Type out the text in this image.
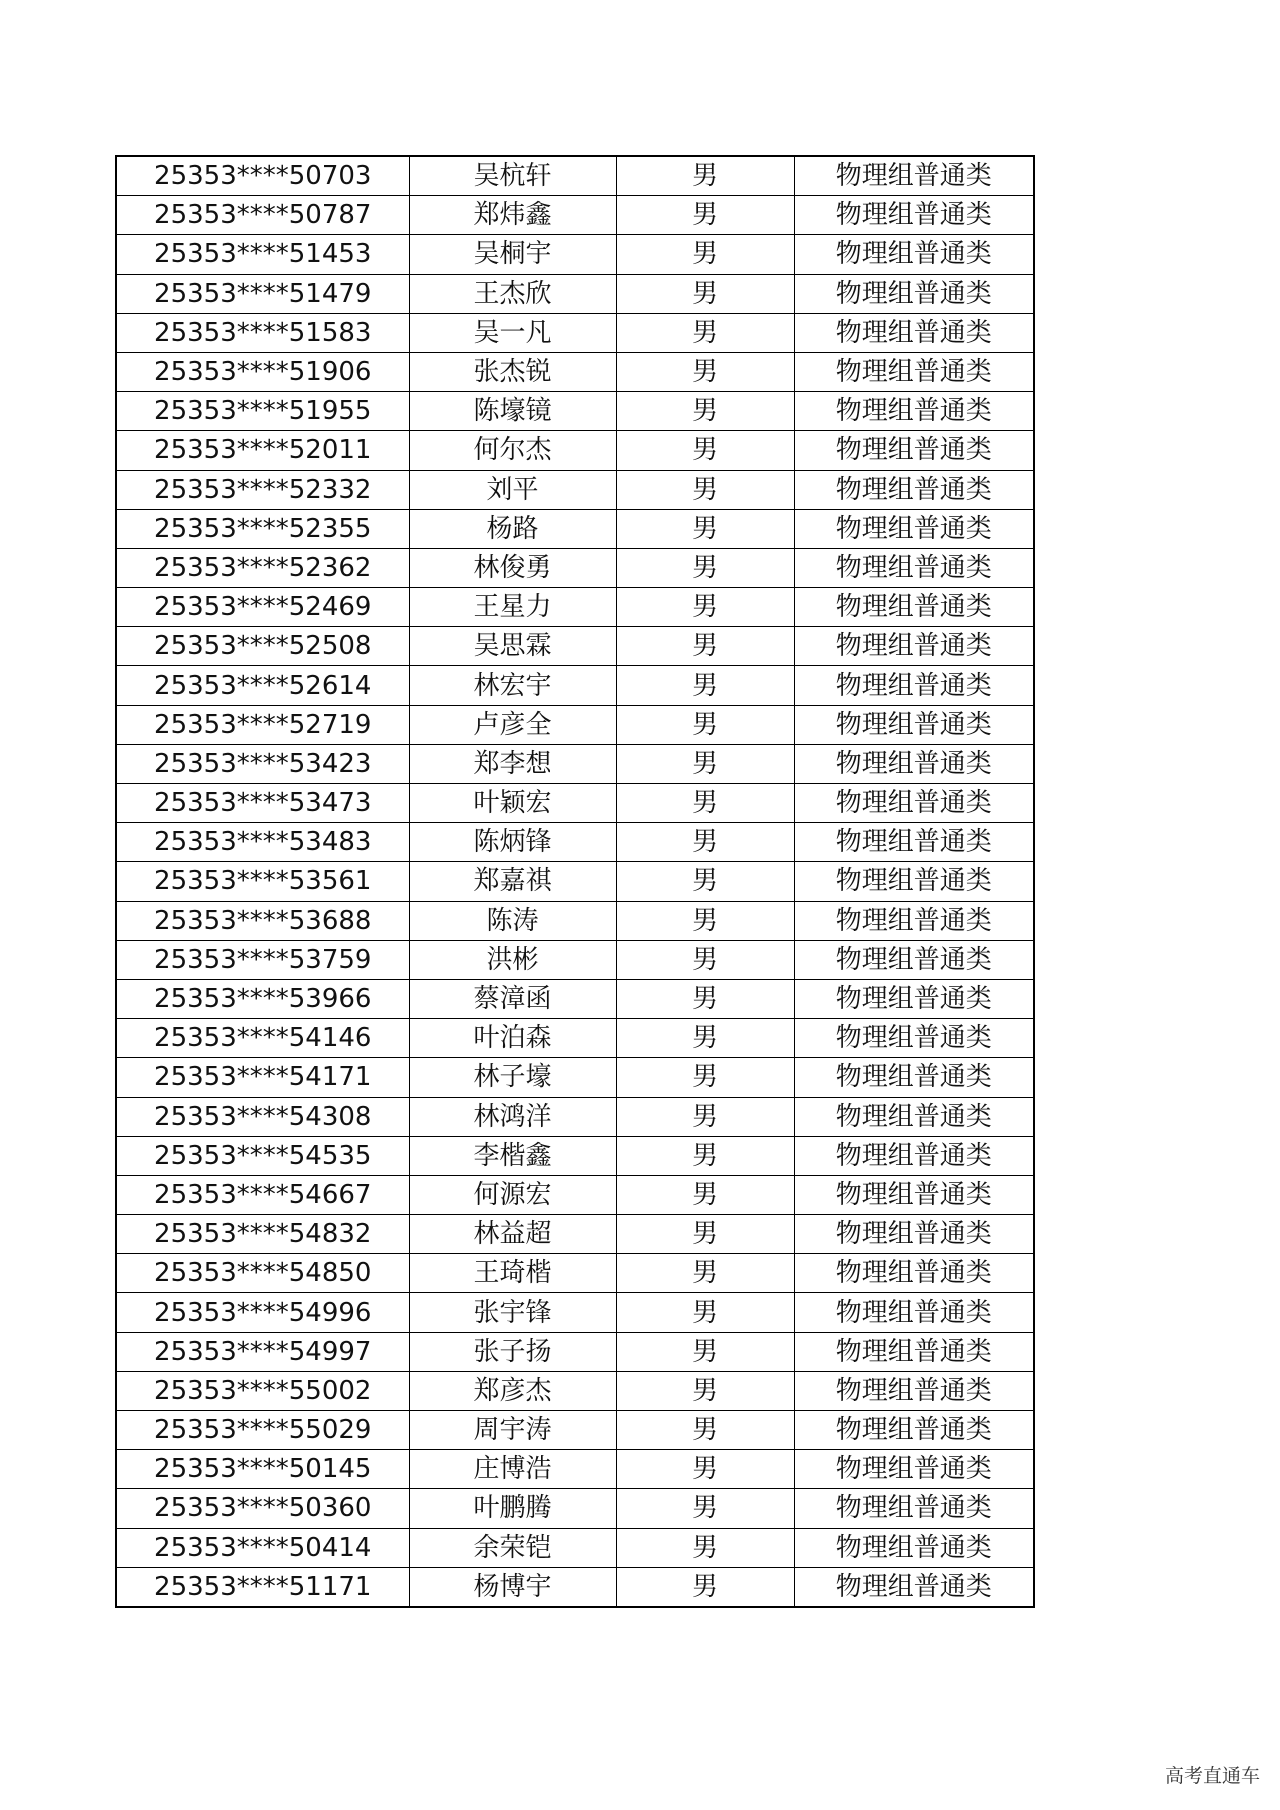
25353****50703	吴杭轩	男	物理组普通类
25353****50787	郑炜鑫	男	物理组普通类
25353****51453	吴桐宇	男	物理组普通类
25353****51479	王杰欣	男	物理组普通类
25353****51583	吴一凡	男	物理组普通类
25353****51906	张杰锐	男	物理组普通类
25353****51955	陈壕镜	男	物理组普通类
25353****52011	何尔杰	男	物理组普通类
25353****52332	刘平	男	物理组普通类
25353****52355	杨路	男	物理组普通类
25353****52362	林俊勇	男	物理组普通类
25353****52469	王星力	男	物理组普通类
25353****52508	吴思霖	男	物理组普通类
25353****52614	林宏宇	男	物理组普通类
25353****52719	卢彦全	男	物理组普通类
25353****53423	郑李想	男	物理组普通类
25353****53473	叶颖宏	男	物理组普通类
25353****53483	陈炳锋	男	物理组普通类
25353****53561	郑嘉祺	男	物理组普通类
25353****53688	陈涛	男	物理组普通类
25353****53759	洪彬	男	物理组普通类
25353****53966	蔡漳函	男	物理组普通类
25353****54146	叶泊森	男	物理组普通类
25353****54171	林子壕	男	物理组普通类
25353****54308	林鸿洋	男	物理组普通类
25353****54535	李楷鑫	男	物理组普通类
25353****54667	何源宏	男	物理组普通类
25353****54832	林益超	男	物理组普通类
25353****54850	王琦楷	男	物理组普通类
25353****54996	张宇锋	男	物理组普通类
25353****54997	张子扬	男	物理组普通类
25353****55002	郑彦杰	男	物理组普通类
25353****55029	周宇涛	男	物理组普通类
25353****50145	庄博浩	男	物理组普通类
25353****50360	叶鹏腾	男	物理组普通类
25353****50414	余荣铠	男	物理组普通类
25353****51171	杨博宇	男	物理组普通类
高考直通车
